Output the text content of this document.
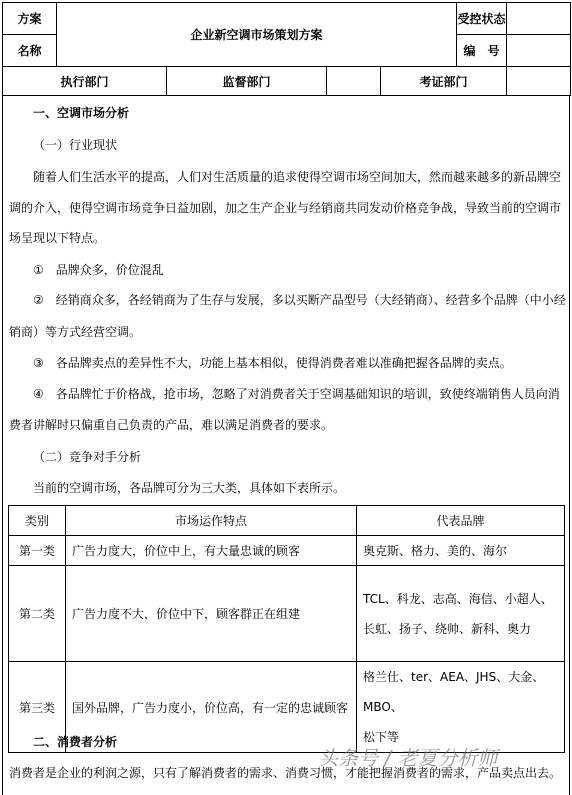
方案	企业新空调市场策划方案				受控状态	
名称					编　号	
执行部门		监督部门		考证部门		
一、空调市场分析
（一）行业现状
随着人们生活水平的提高，人们对生活质量的追求使得空调市场空间加大，然而越来越多的新品牌空
调的介入，使得空调市场竞争日益加剧，加之生产企业与经销商共同发动价格竞争战，导致当前的空调市
场呈现以下特点。
①　品牌众多，价位混乱
②　经销商众多，各经销商为了生存与发展，多以买断产品型号（大经销商）、经营多个品牌（中小经
销商）等方式经营空调。
③　各品牌卖点的差异性不大，功能上基本相似，使得消费者难以准确把握各品牌的卖点。
④　各品牌忙于价格战，抢市场，忽略了对消费者关于空调基础知识的培训，致使终端销售人员向消
费者讲解时只偏重自己负责的产品，难以满足消费者的要求。
（二）竞争对手分析
当前的空调市场，各品牌可分为三大类，具体如下表所示。
类别	市场运作特点	代表品牌
第一类	广告力度大，价位中上，有大量忠诚的顾客	奥克斯、格力、美的、海尔
第二类	广告力度不大，价位中下，顾客群正在组建	TCL、科龙、志高、海信、小超人、
长虹、扬子、绕帅、新科、奥力

第三类	国外品牌，广告力度小，价位高，有一定的忠诚顾客	格兰仕、ter、AEA、JHS、大金、MBO、
松下等
二、消费者分析
消费者是企业的利润之源，只有了解消费者的需求、消费习惯，才能把握消费者的需求，产品卖点出去。
头条号 / 老夏分析师
